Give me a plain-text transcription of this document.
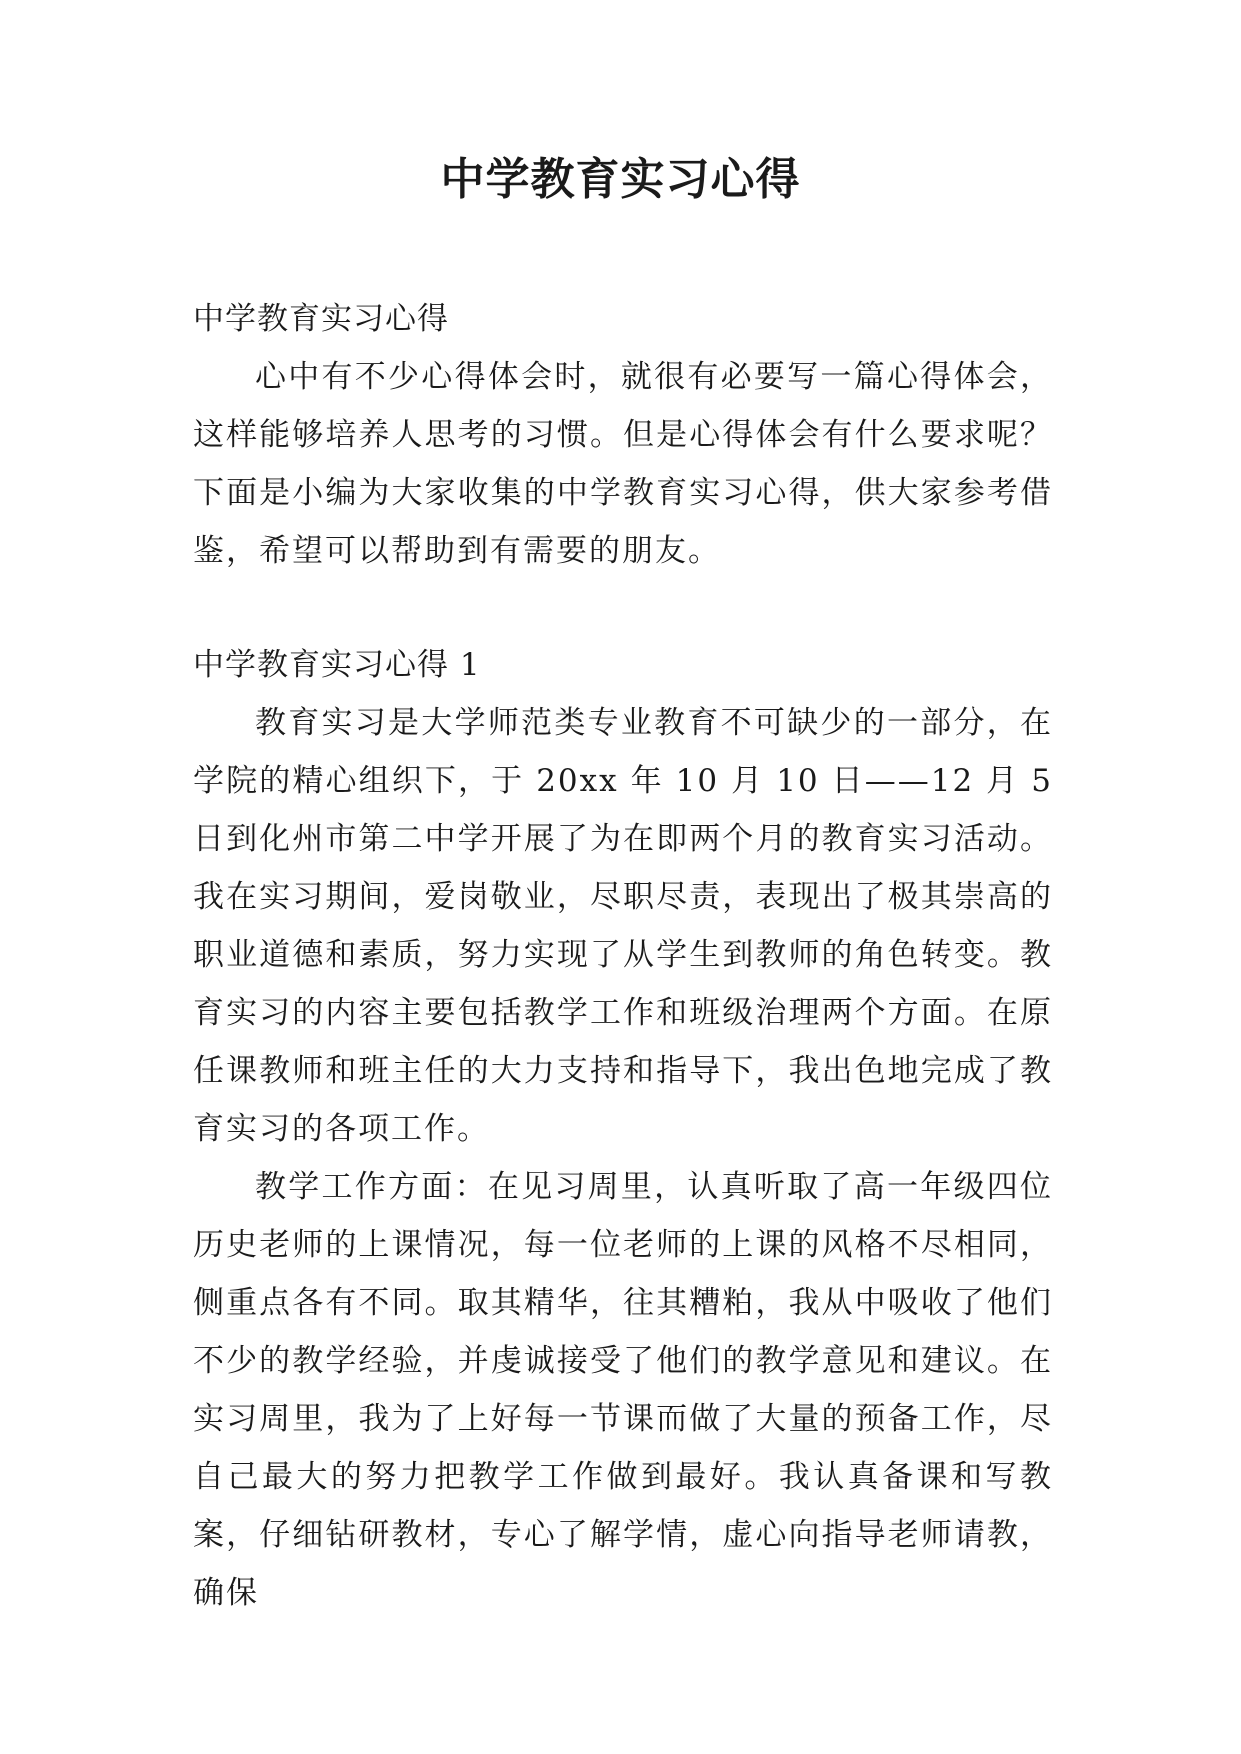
中学教育实习心得

中学教育实习心得

心中有不少心得体会时，就很有必要写一篇心得体会，这样能够培养人思考的习惯。但是心得体会有什么要求呢？下面是小编为大家收集的中学教育实习心得，供大家参考借鉴，希望可以帮助到有需要的朋友。

中学教育实习心得 1

教育实习是大学师范类专业教育不可缺少的一部分，在学院的精心组织下，于 20xx 年 10 月 10 日——12 月 5 日到化州市第二中学开展了为在即两个月的教育实习活动。我在实习期间，爱岗敬业，尽职尽责，表现出了极其崇高的职业道德和素质，努力实现了从学生到教师的角色转变。教育实习的内容主要包括教学工作和班级治理两个方面。在原任课教师和班主任的大力支持和指导下，我出色地完成了教育实习的各项工作。

教学工作方面：在见习周里，认真听取了高一年级四位历史老师的上课情况，每一位老师的上课的风格不尽相同，侧重点各有不同。取其精华，往其糟粕，我从中吸收了他们不少的教学经验，并虔诚接受了他们的教学意见和建议。在实习周里，我为了上好每一节课而做了大量的预备工作，尽自己最大的努力把教学工作做到最好。我认真备课和写教案，仔细钻研教材，专心了解学情，虚心向指导老师请教，确保
